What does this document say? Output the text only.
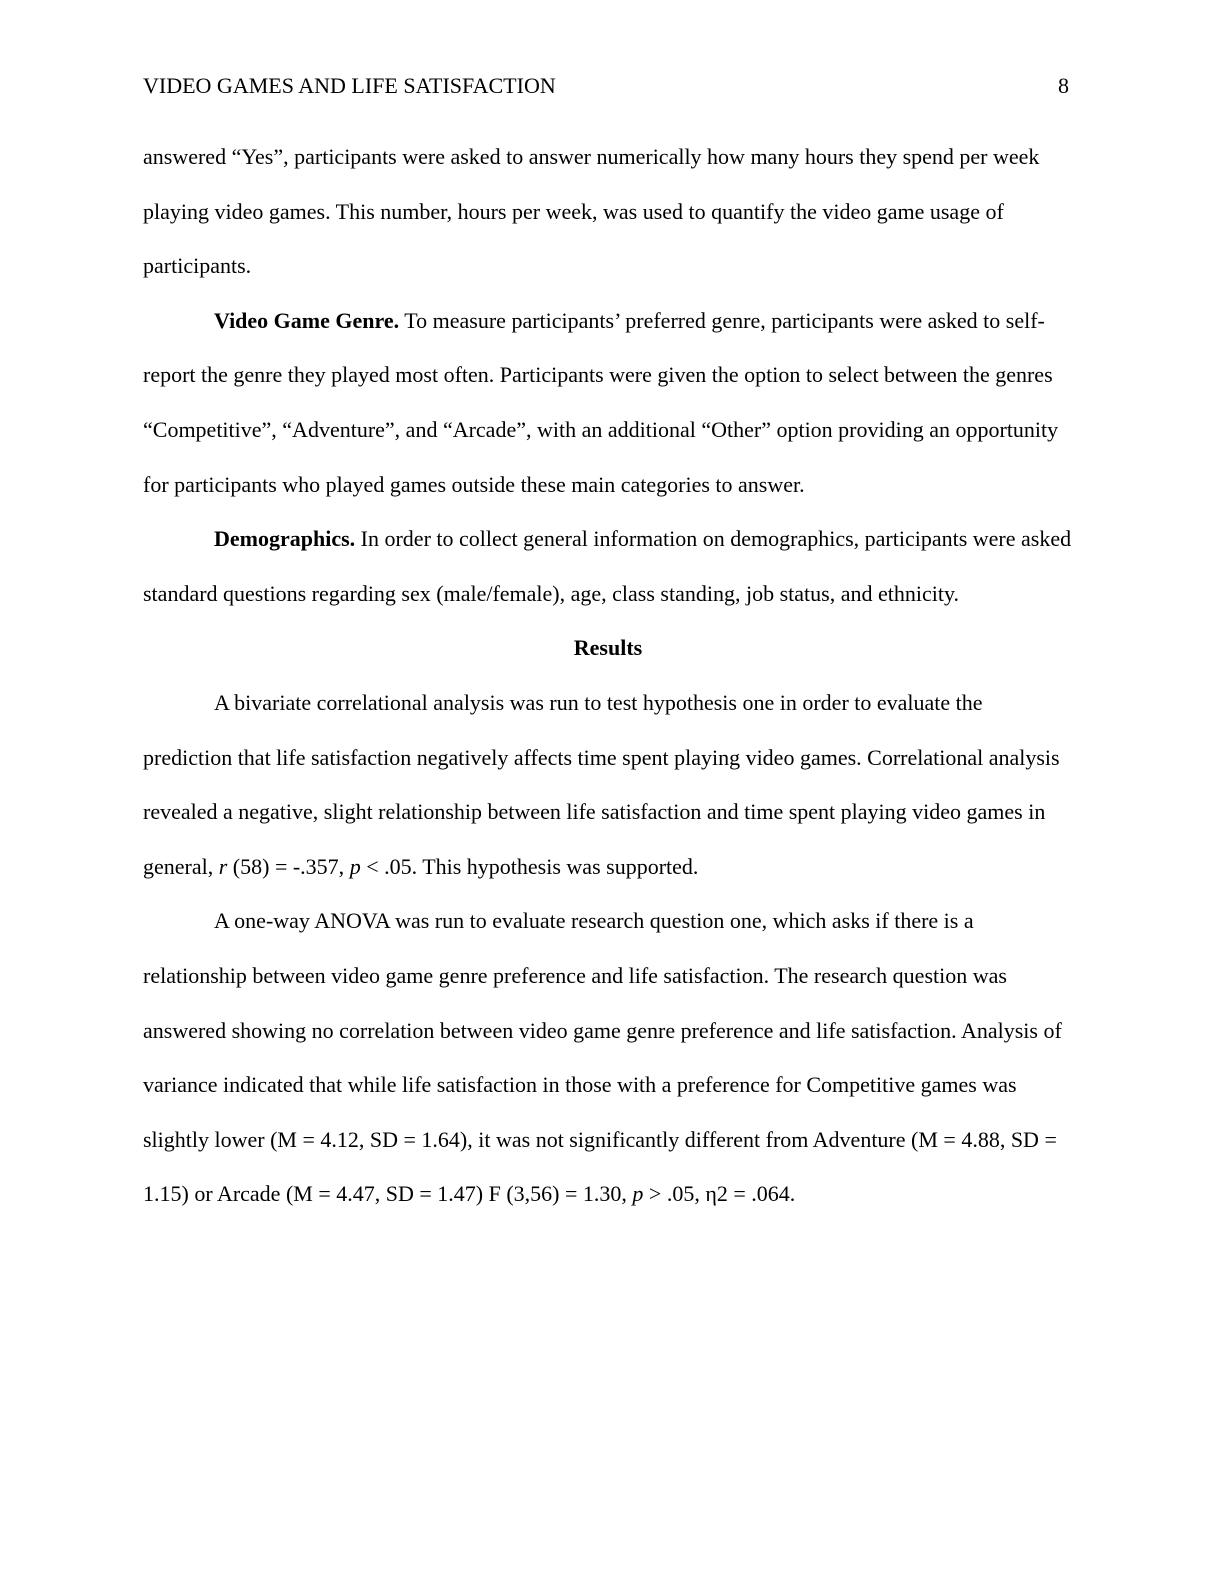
VIDEO GAMES AND LIFE SATISFACTION	8

answered “Yes”, participants were asked to answer numerically how many hours they spend per week playing video games. This number, hours per week, was used to quantify the video game usage of participants.

Video Game Genre. To measure participants’ preferred genre, participants were asked to self-report the genre they played most often. Participants were given the option to select between the genres “Competitive”, “Adventure”, and “Arcade”, with an additional “Other” option providing an opportunity for participants who played games outside these main categories to answer.

Demographics. In order to collect general information on demographics, participants were asked standard questions regarding sex (male/female), age, class standing, job status, and ethnicity.

Results

A bivariate correlational analysis was run to test hypothesis one in order to evaluate the prediction that life satisfaction negatively affects time spent playing video games. Correlational analysis revealed a negative, slight relationship between life satisfaction and time spent playing video games in general, r (58) = -.357, p < .05. This hypothesis was supported.

A one-way ANOVA was run to evaluate research question one, which asks if there is a relationship between video game genre preference and life satisfaction. The research question was answered showing no correlation between video game genre preference and life satisfaction. Analysis of variance indicated that while life satisfaction in those with a preference for Competitive games was slightly lower (M = 4.12, SD = 1.64), it was not significantly different from Adventure (M = 4.88, SD = 1.15) or Arcade (M = 4.47, SD = 1.47) F (3,56) = 1.30, p > .05, η2 = .064.
